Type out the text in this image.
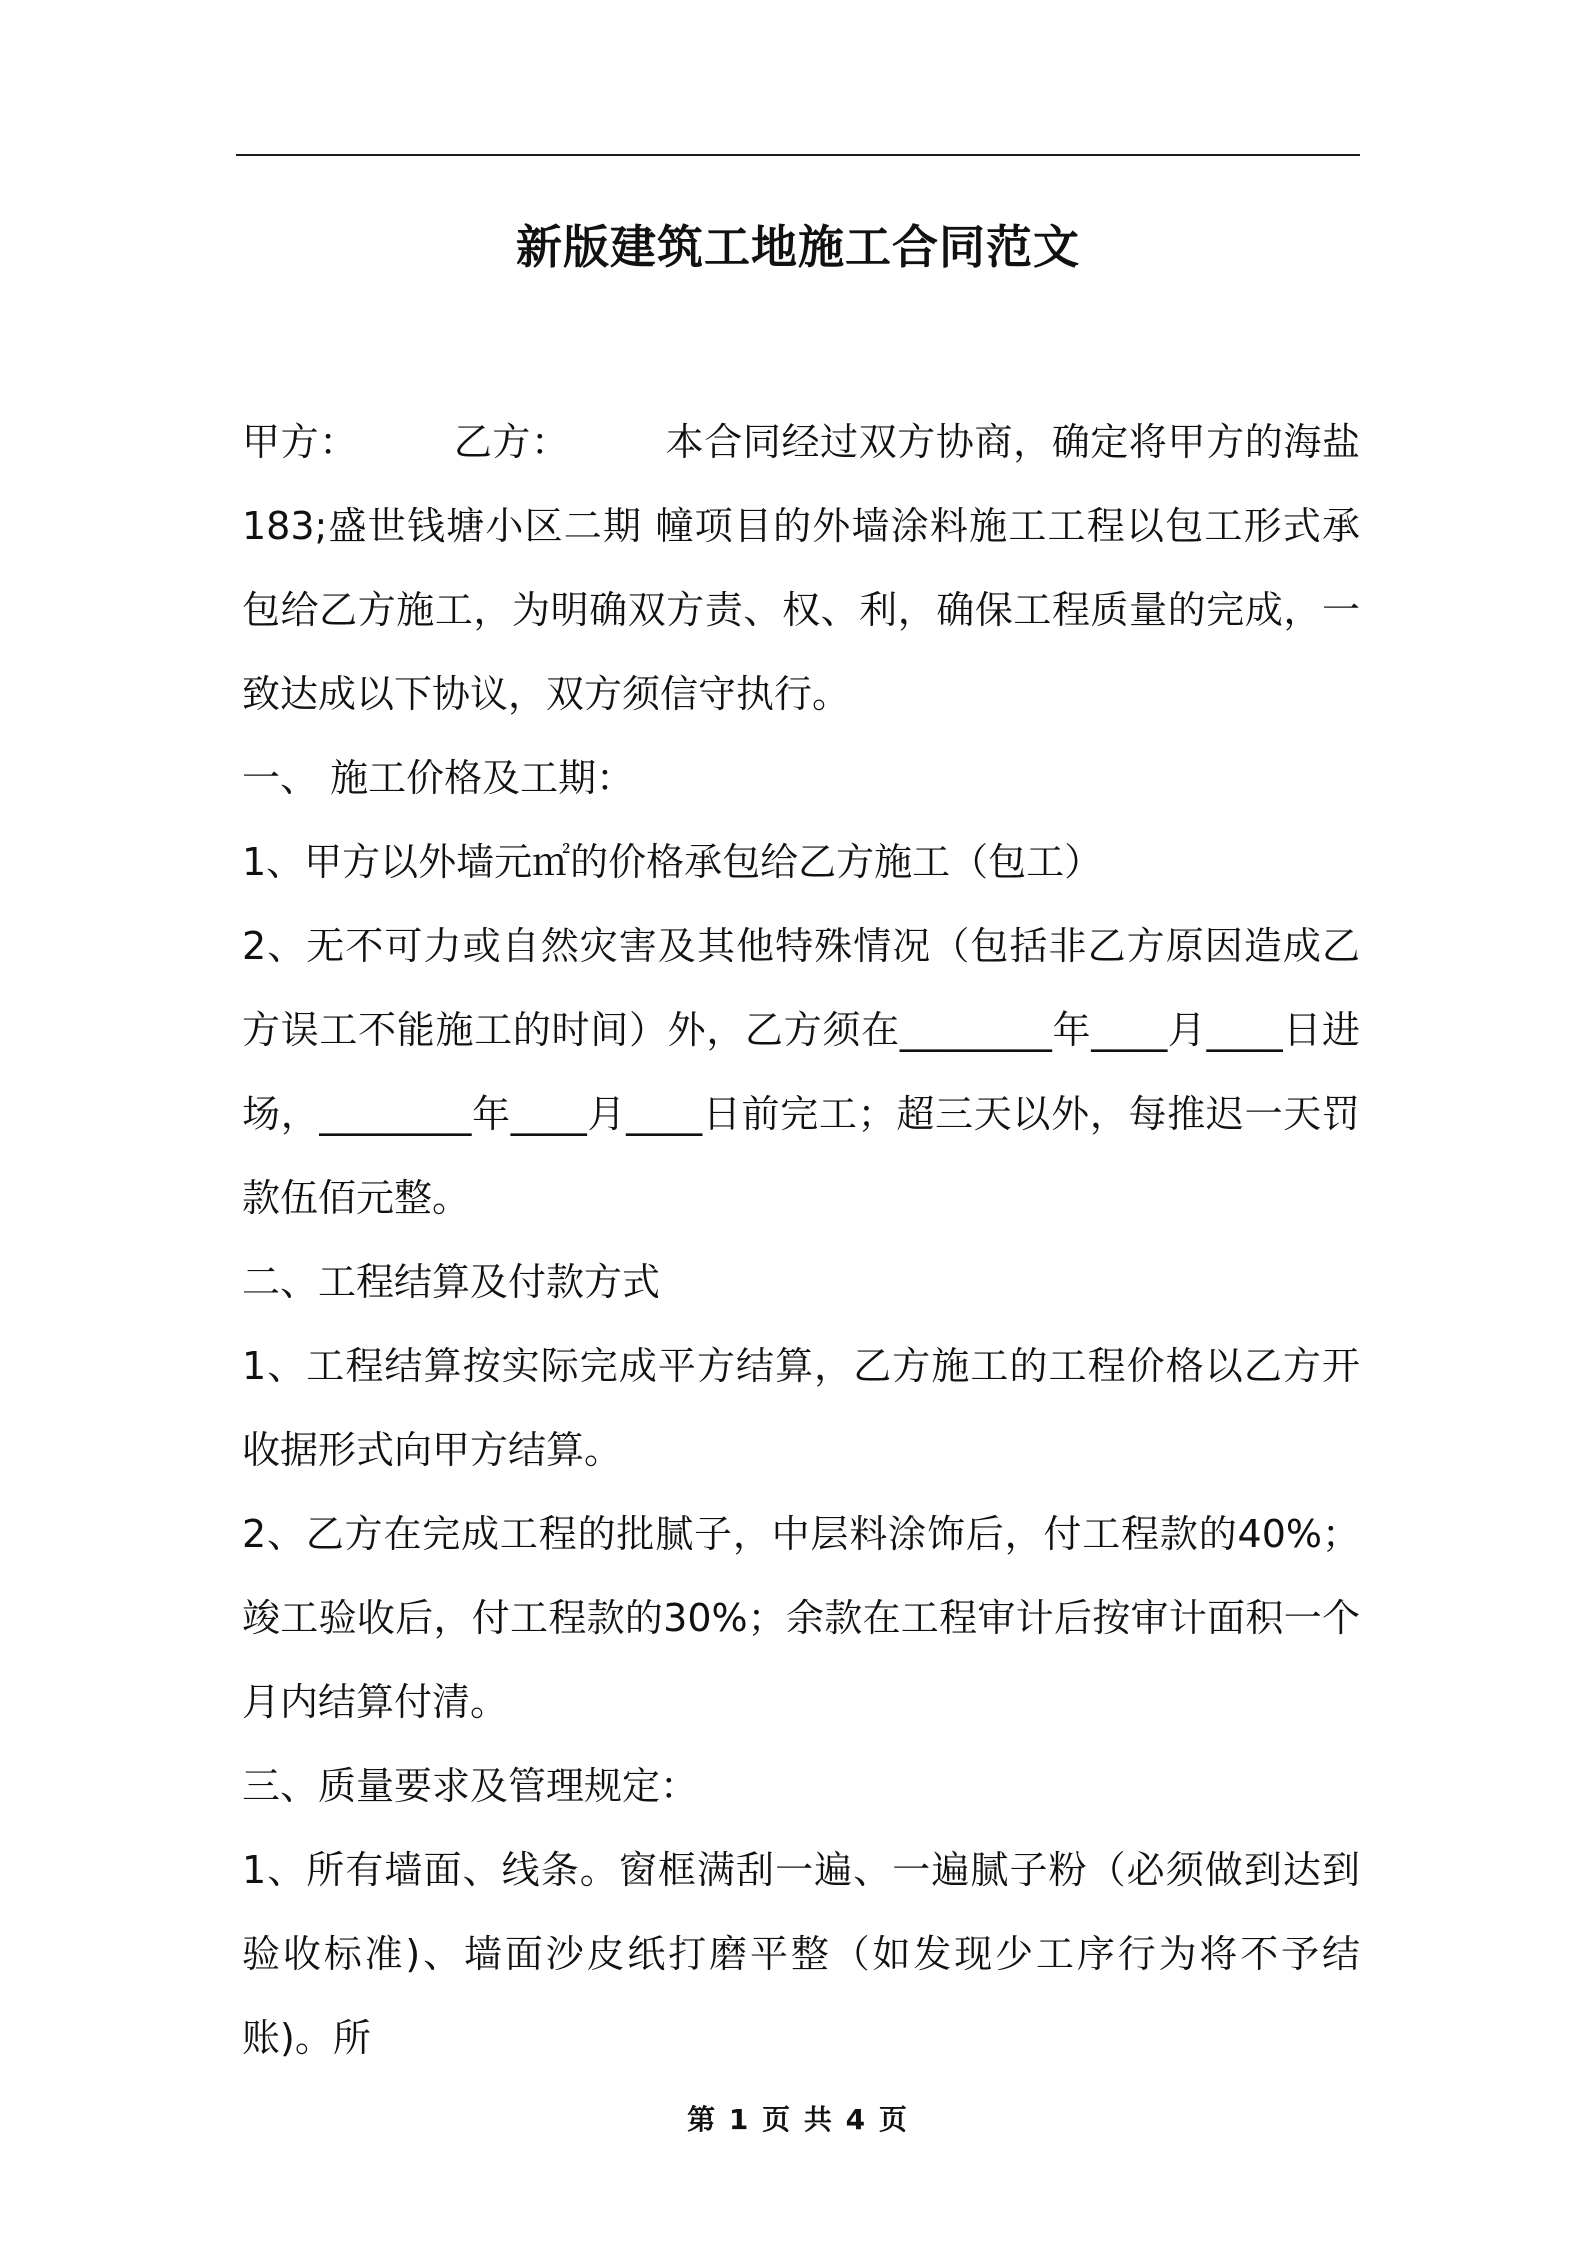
新版建筑工地施工合同范文

甲方：	乙方：	本合同经过双方协商，确定将甲方的海盐183;盛世钱塘小区二期 幢项目的外墙涂料施工工程以包工形式承包给乙方施工，为明确双方责、权、利，确保工程质量的完成，一致达成以下协议，双方须信守执行。

一、 施工价格及工期：

1、甲方以外墙元㎡的价格承包给乙方施工（包工）

2、无不可力或自然灾害及其他特殊情况（包括非乙方原因造成乙方误工不能施工的时间）外，乙方须在________年____月____日进场，________年____月____日前完工；超三天以外，每推迟一天罚款伍佰元整。

二、工程结算及付款方式

1、工程结算按实际完成平方结算，乙方施工的工程价格以乙方开收据形式向甲方结算。

2、乙方在完成工程的批腻子，中层料涂饰后，付工程款的40%；竣工验收后，付工程款的30%；余款在工程审计后按审计面积一个月内结算付清。

三、质量要求及管理规定：

1、所有墙面、线条。窗框满刮一遍、一遍腻子粉（必须做到达到验收标准)、墙面沙皮纸打磨平整（如发现少工序行为将不予结账)。所

第 1 页 共 4 页
